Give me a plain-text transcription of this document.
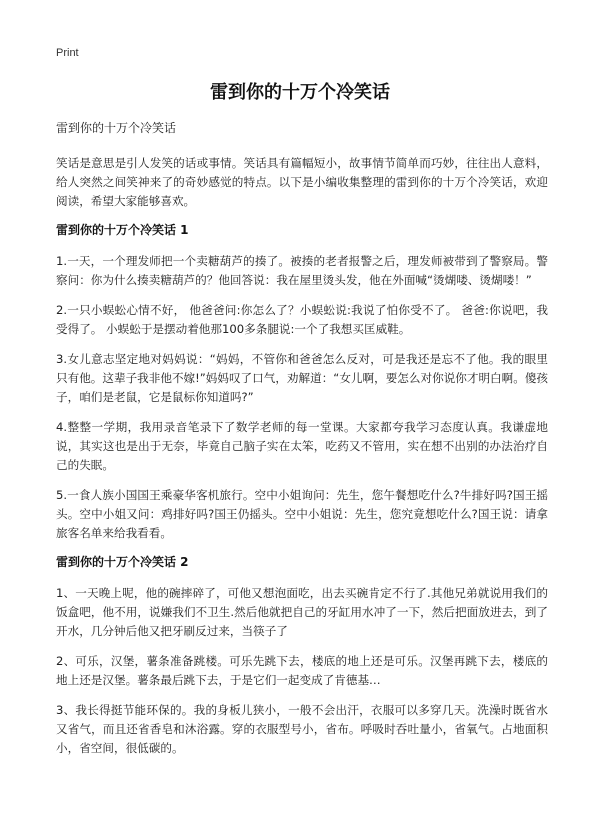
Print
雷到你的十万个冷笑话
雷到你的十万个冷笑话

笑话是意思是引人发笑的话或事情。笑话具有篇幅短小，故事情节简单而巧妙，往往出人意料，给人突然之间笑神来了的奇妙感觉的特点。以下是小编收集整理的雷到你的十万个冷笑话，欢迎阅读，希望大家能够喜欢。

雷到你的十万个冷笑话 1

1.一天，一个理发师把一个卖糖葫芦的揍了。被揍的老者报警之后，理发师被带到了警察局。警察问：你为什么揍卖糖葫芦的？他回答说：我在屋里烫头发，他在外面喊“烫煳喽、烫煳喽！”

2.一只小蜈蚣心情不好， 他爸爸问:你怎么了？小蜈蚣说:我说了怕你受不了。 爸爸:你说吧，我受得了。 小蜈蚣于是摆动着他那100多条腿说:一个了我想买匡威鞋。

3.女儿意志坚定地对妈妈说：“妈妈，不管你和爸爸怎么反对，可是我还是忘不了他。我的眼里只有他。这辈子我非他不嫁!”妈妈叹了口气，劝解道：“女儿啊，要怎么对你说你才明白啊。傻孩子，咱们是老鼠，它是鼠标你知道吗?”

4.整整一学期，我用录音笔录下了数学老师的每一堂课。大家都夸我学习态度认真。我谦虚地说，其实这也是出于无奈，毕竟自己脑子实在太笨，吃药又不管用，实在想不出别的办法治疗自己的失眠。

5.一食人族小国国王乘豪华客机旅行。空中小姐询问：先生，您午餐想吃什么?牛排好吗?国王摇头。空中小姐又问：鸡排好吗?国王仍摇头。空中小姐说：先生，您究竟想吃什么?国王说：请拿旅客名单来给我看看。

雷到你的十万个冷笑话 2

1、一天晚上呢，他的碗摔碎了，可他又想泡面吃，出去买碗肯定不行了.其他兄弟就说用我们的饭盒吧，他不用，说嫌我们不卫生.然后他就把自己的牙缸用水冲了一下，然后把面放进去，到了开水，几分钟后他又把牙刷反过来，当筷子了

2、可乐，汉堡，薯条准备跳楼。可乐先跳下去，楼底的地上还是可乐。汉堡再跳下去，楼底的地上还是汉堡。薯条最后跳下去，于是它们一起变成了肯德基…

3、我长得挺节能环保的。我的身板儿狭小，一般不会出汗，衣服可以多穿几天。洗澡时既省水又省气，而且还省香皂和沐浴露。穿的衣服型号小，省布。呼吸时吞吐量小，省氧气。占地面积小，省空间，很低碳的。
